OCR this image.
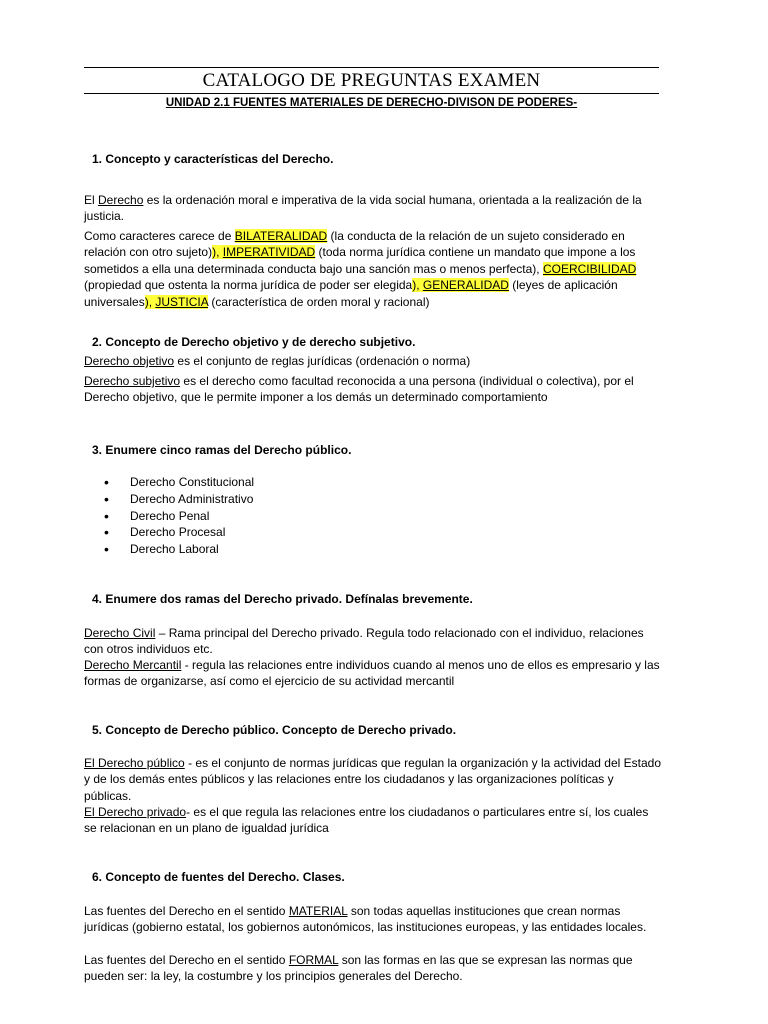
CATALOGO DE PREGUNTAS EXAMEN
UNIDAD 2.1 FUENTES MATERIALES DE DERECHO-DIVISON DE PODERES-
1. Concepto y características del Derecho.

El Derecho es la ordenación moral e imperativa de la vida social humana, orientada a la realización de la justicia.

Como caracteres carece de BILATERALIDAD (la conducta de la relación de un sujeto considerado en relación con otro sujeto)), IMPERATIVIDAD (toda norma jurídica contiene un mandato que impone a los sometidos a ella una determinada conducta bajo una sanción mas o menos perfecta), COERCIBILIDAD (propiedad que ostenta la norma jurídica de poder ser elegida), GENERALIDAD (leyes de aplicación universales), JUSTICIA (característica de orden moral y racional)

2. Concepto de Derecho objetivo y de derecho subjetivo.

Derecho objetivo es el conjunto de reglas jurídicas (ordenación o norma)

Derecho subjetivo es el derecho como facultad reconocida a una persona (individual o colectiva), por el Derecho objetivo, que le permite imponer a los demás un determinado comportamiento

3. Enumere cinco ramas del Derecho público.
• Derecho Constitucional
• Derecho Administrativo
• Derecho Penal
• Derecho Procesal
• Derecho Laboral
4. Enumere dos ramas del Derecho privado. Defínalas brevemente.

Derecho Civil – Rama principal del Derecho privado. Regula todo relacionado con el individuo, relaciones con otros individuos etc.

Derecho Mercantil - regula las relaciones entre individuos cuando al menos uno de ellos es empresario y las formas de organizarse, así como el ejercicio de su actividad mercantil

5. Concepto de Derecho público. Concepto de Derecho privado.

El Derecho público - es el conjunto de normas jurídicas que regulan la organización y la actividad del Estado y de los demás entes públicos y las relaciones entre los ciudadanos y las organizaciones políticas y públicas.

El Derecho privado- es el que regula las relaciones entre los ciudadanos o particulares entre sí, los cuales se relacionan en un plano de igualdad jurídica

6. Concepto de fuentes del Derecho. Clases.

Las fuentes del Derecho en el sentido MATERIAL son todas aquellas instituciones que crean normas jurídicas (gobierno estatal, los gobiernos autonómicos, las instituciones europeas, y las entidades locales.

Las fuentes del Derecho en el sentido FORMAL son las formas en las que se expresan las normas que pueden ser: la ley, la costumbre y los principios generales del Derecho.
